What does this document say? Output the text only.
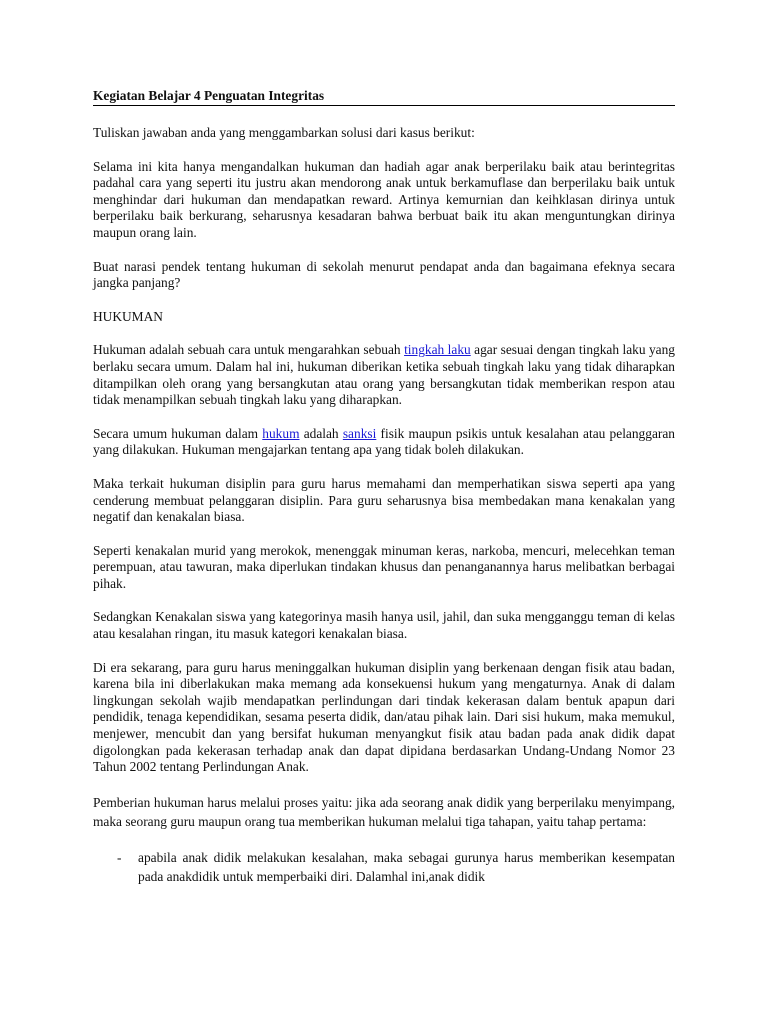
Kegiatan Belajar 4 Penguatan Integritas

Tuliskan jawaban anda yang menggambarkan solusi dari kasus berikut:

Selama ini kita hanya mengandalkan hukuman dan hadiah agar anak berperilaku baik atau berintegritas padahal cara yang seperti itu justru akan mendorong anak untuk berkamuflase dan berperilaku baik untuk menghindar dari hukuman dan mendapatkan reward. Artinya kemurnian dan keihklasan dirinya untuk berperilaku baik berkurang, seharusnya kesadaran bahwa berbuat baik itu akan menguntungkan dirinya maupun orang lain.

Buat narasi pendek tentang hukuman di sekolah menurut pendapat anda dan bagaimana efeknya secara jangka panjang?

HUKUMAN

Hukuman adalah sebuah cara untuk mengarahkan sebuah tingkah laku agar sesuai dengan tingkah laku yang berlaku secara umum. Dalam hal ini, hukuman diberikan ketika sebuah tingkah laku yang tidak diharapkan ditampilkan oleh orang yang bersangkutan atau orang yang bersangkutan tidak memberikan respon atau tidak menampilkan sebuah tingkah laku yang diharapkan.

Secara umum hukuman dalam hukum adalah sanksi fisik maupun psikis untuk kesalahan atau pelanggaran yang dilakukan. Hukuman mengajarkan tentang apa yang tidak boleh dilakukan.

Maka terkait hukuman disiplin para guru harus memahami dan memperhatikan siswa seperti apa yang cenderung membuat pelanggaran disiplin. Para guru seharusnya bisa membedakan mana kenakalan yang negatif dan kenakalan biasa.

Seperti kenakalan murid yang merokok, menenggak minuman keras, narkoba, mencuri, melecehkan teman perempuan, atau tawuran, maka diperlukan tindakan khusus dan penanganannya harus melibatkan berbagai pihak.

Sedangkan Kenakalan siswa yang kategorinya masih hanya usil, jahil, dan suka mengganggu teman di kelas atau kesalahan ringan, itu masuk kategori kenakalan biasa.

Di era sekarang, para guru harus meninggalkan hukuman disiplin yang berkenaan dengan fisik atau badan, karena bila ini diberlakukan maka memang ada konsekuensi hukum yang mengaturnya. Anak di dalam lingkungan sekolah wajib mendapatkan perlindungan dari tindak kekerasan dalam bentuk apapun dari pendidik, tenaga kependidikan, sesama peserta didik, dan/atau pihak lain. Dari sisi hukum, maka memukul, menjewer, mencubit dan yang bersifat hukuman menyangkut fisik atau badan pada anak didik dapat digolongkan pada kekerasan terhadap anak dan dapat dipidana berdasarkan Undang-Undang Nomor 23 Tahun 2002 tentang Perlindungan Anak.

Pemberian hukuman harus melalui proses yaitu: jika ada seorang anak didik yang berperilaku menyimpang, maka seorang guru maupun orang tua memberikan hukuman melalui tiga tahapan, yaitu tahap pertama:

- apabila anak didik melakukan kesalahan, maka sebagai gurunya harus memberikan kesempatan pada anakdidik untuk memperbaiki diri. Dalamhal ini,anak didik
